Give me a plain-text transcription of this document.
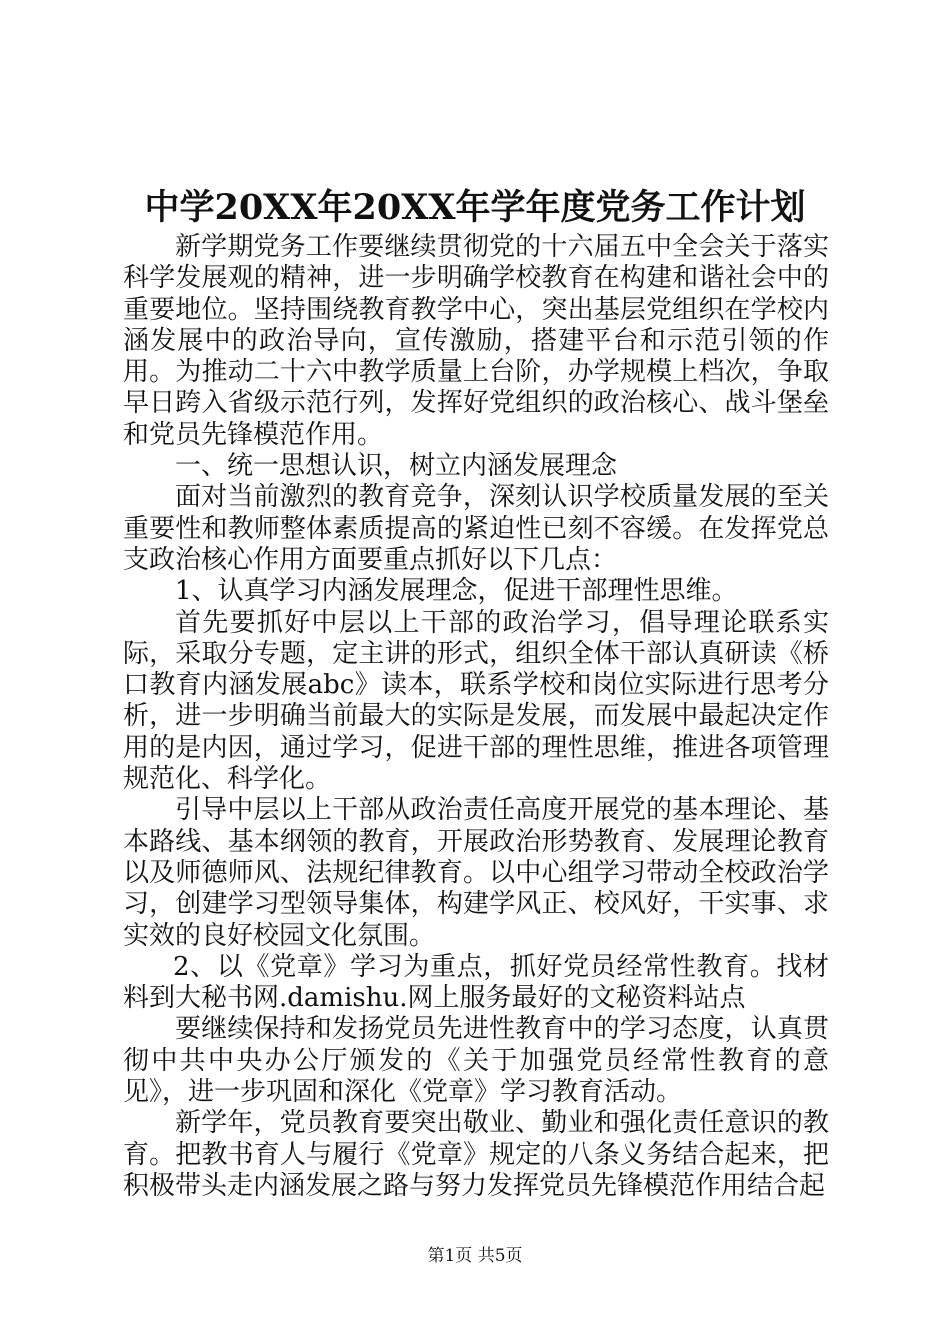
中学20XX年20XX年学年度党务工作计划

新学期党务工作要继续贯彻党的十六届五中全会关于落实科学发展观的精神，进一步明确学校教育在构建和谐社会中的重要地位。坚持围绕教育教学中心，突出基层党组织在学校内涵发展中的政治导向，宣传激励，搭建平台和示范引领的作用。为推动二十六中教学质量上台阶，办学规模上档次，争取早日跨入省级示范行列，发挥好党组织的政治核心、战斗堡垒和党员先锋模范作用。

一、统一思想认识，树立内涵发展理念

面对当前激烈的教育竞争，深刻认识学校质量发展的至关重要性和教师整体素质提高的紧迫性已刻不容缓。在发挥党总支政治核心作用方面要重点抓好以下几点：

1、认真学习内涵发展理念，促进干部理性思维。

首先要抓好中层以上干部的政治学习，倡导理论联系实际，采取分专题，定主讲的形式，组织全体干部认真研读《桥口教育内涵发展abc》读本，联系学校和岗位实际进行思考分析，进一步明确当前最大的实际是发展，而发展中最起决定作用的是内因，通过学习，促进干部的理性思维，推进各项管理规范化、科学化。

引导中层以上干部从政治责任高度开展党的基本理论、基本路线、基本纲领的教育，开展政治形势教育、发展理论教育以及师德师风、法规纪律教育。以中心组学习带动全校政治学习，创建学习型领导集体，构建学风正、校风好，干实事、求实效的良好校园文化氛围。

2、以《党章》学习为重点，抓好党员经常性教育。找材料到大秘书网.damishu.网上服务最好的文秘资料站点

要继续保持和发扬党员先进性教育中的学习态度，认真贯彻中共中央办公厅颁发的《关于加强党员经常性教育的意见》，进一步巩固和深化《党章》学习教育活动。

新学年，党员教育要突出敬业、勤业和强化责任意识的教育。把教书育人与履行《党章》规定的八条义务结合起来，把积极带头走内涵发展之路与努力发挥党员先锋模范作用结合起

第1页 共5页
